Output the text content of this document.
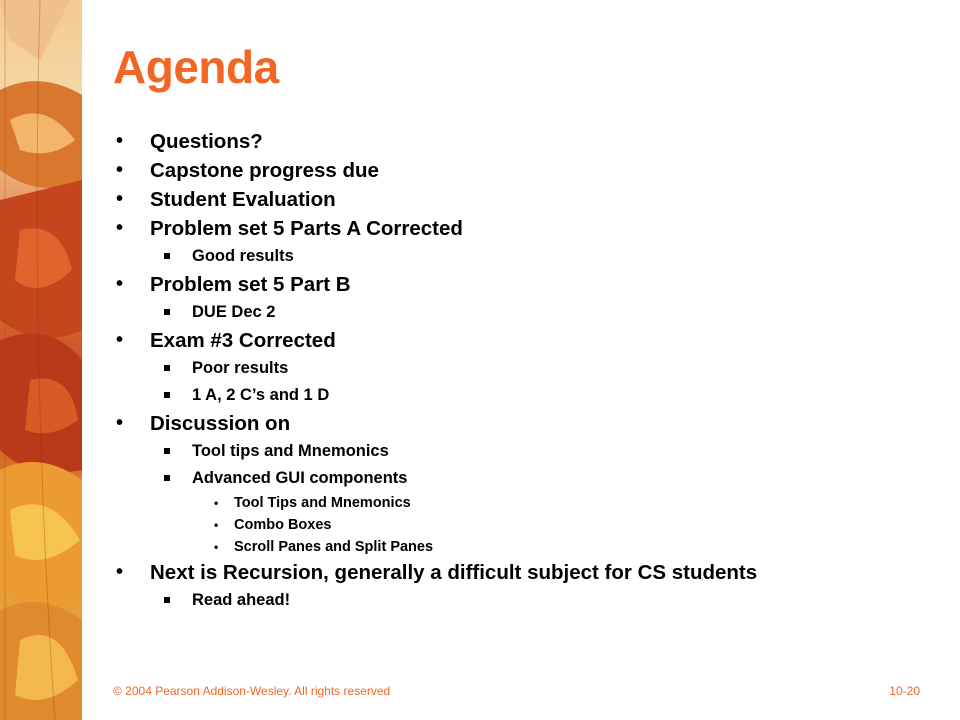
Agenda
• Questions?
• Capstone progress due
• Student Evaluation
• Problem set 5 Parts A Corrected
Good results
• Problem set 5 Part B
DUE Dec 2
• Exam #3 Corrected
Poor results
1 A, 2 C’s and 1 D
• Discussion on
Tool tips and Mnemonics
Advanced GUI components
• Tool Tips and Mnemonics
• Combo Boxes
• Scroll Panes and Split Panes
• Next is Recursion, generally a difficult subject for CS students
Read ahead!
© 2004 Pearson Addison-Wesley. All rights reserved	10-20
